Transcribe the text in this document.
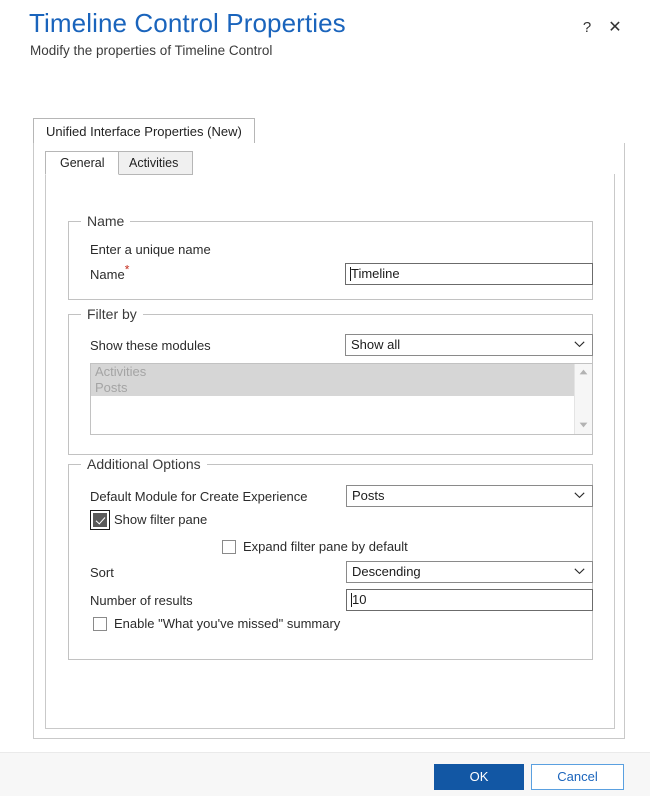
Timeline Control Properties
Modify the properties of Timeline Control
?	✕
Unified Interface Properties (New)
General	Activities
Name
Enter a unique name
Name*	Timeline
Filter by
Show these modules	Show all
Activities
Posts
Additional Options
Default Module for Create Experience	Posts
Show filter pane
Expand filter pane by default
Sort	Descending
Number of results	10
Enable "What you've missed" summary
OK	Cancel
